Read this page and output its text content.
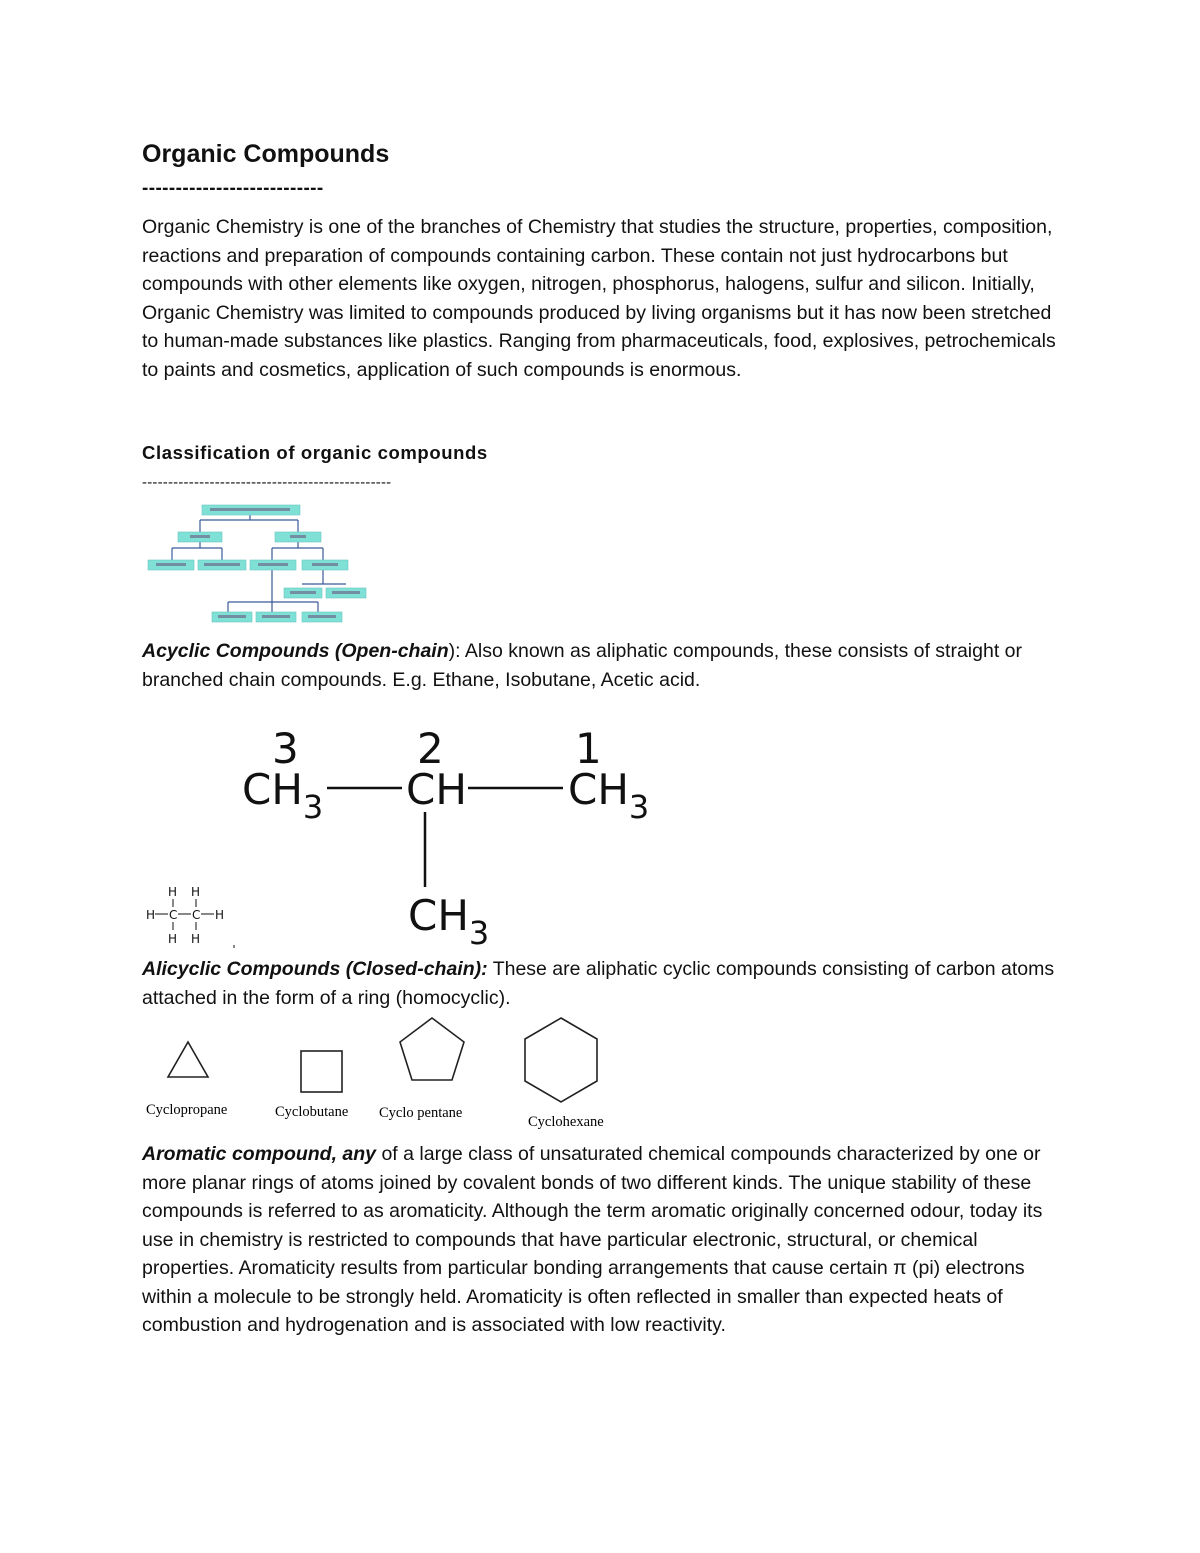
Organic Compounds
---------------------------
Organic Chemistry is one of the branches of Chemistry that studies the structure, properties, composition, reactions and preparation of compounds containing carbon. These contain not just hydrocarbons but compounds with other elements like oxygen, nitrogen, phosphorus, halogens, sulfur and silicon. Initially, Organic Chemistry was limited to compounds produced by living organisms but it has now been stretched to human-made substances like plastics. Ranging from pharmaceuticals, food, explosives, petrochemicals to paints and cosmetics, application of such compounds is enormous.
Classification of organic compounds
------------------------------------------------
Acyclic Compounds (Open-chain): Also known as aliphatic compounds, these consists of straight or branched chain compounds. E.g. Ethane, Isobutane, Acetic acid.
3	2	1
$CH_3$ CH $CH_3$
$CH_3$
H H
H C C H
H H
Alicyclic Compounds (Closed-chain): These are aliphatic cyclic compounds consisting of carbon atoms attached in the form of a ring (homocyclic).
Cyclopropane	Cyclobutane Cyclo pentane
Cyclohexane
Aromatic compound, any of a large class of unsaturated chemical compounds characterized by one or more planar rings of atoms joined by covalent bonds of two different kinds. The unique stability of these compounds is referred to as aromaticity. Although the term aromatic originally concerned odour, today its use in chemistry is restricted to compounds that have particular electronic, structural, or chemical properties. Aromaticity results from particular bonding arrangements that cause certain π (pi) electrons within a molecule to be strongly held. Aromaticity is often reflected in smaller than expected heats of combustion and hydrogenation and is associated with low reactivity.
